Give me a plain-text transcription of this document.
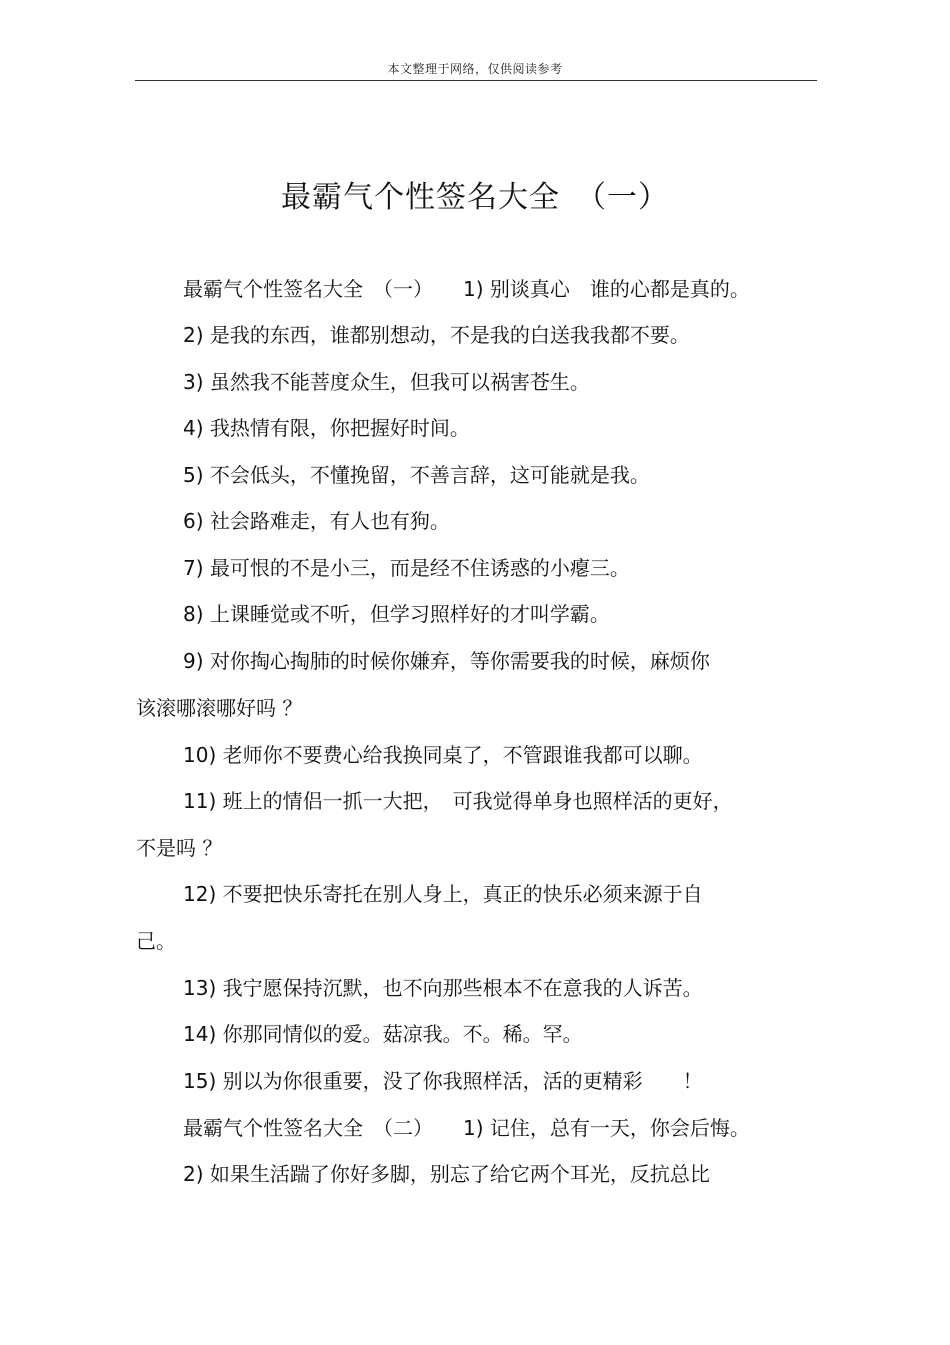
本文整理于网络，仅供阅读参考
最霸气个性签名大全　（一）
最霸气个性签名大全　（一）　　1) 别谈真心　谁的心都是真的。
2) 是我的东西，谁都别想动，不是我的白送我我都不要。
3) 虽然我不能菩度众生，但我可以祸害苍生。
4) 我热情有限，你把握好时间。
5) 不会低头，不懂挽留，不善言辞，这可能就是我。
6) 社会路难走，有人也有狗。
7) 最可恨的不是小三，而是经不住诱惑的小瘪三。
8) 上课睡觉或不听，但学习照样好的才叫学霸。
9) 对你掏心掏肺的时候你嫌弃，等你需要我的时候，麻烦你
该滚哪滚哪好吗 ？
10) 老师你不要费心给我换同桌了，不管跟谁我都可以聊。
11) 班上的情侣一抓一大把，　可我觉得单身也照样活的更好，
不是吗 ？
12) 不要把快乐寄托在别人身上，真正的快乐必须来源于自
己。
13) 我宁愿保持沉默，也不向那些根本不在意我的人诉苦。
14) 你那同情似的爱。菇凉我。不。稀。罕。
15) 别以为你很重要，没了你我照样活，活的更精彩　　！
最霸气个性签名大全　（二）　　1) 记住，总有一天，你会后悔。
2) 如果生活踹了你好多脚，别忘了给它两个耳光，反抗总比
